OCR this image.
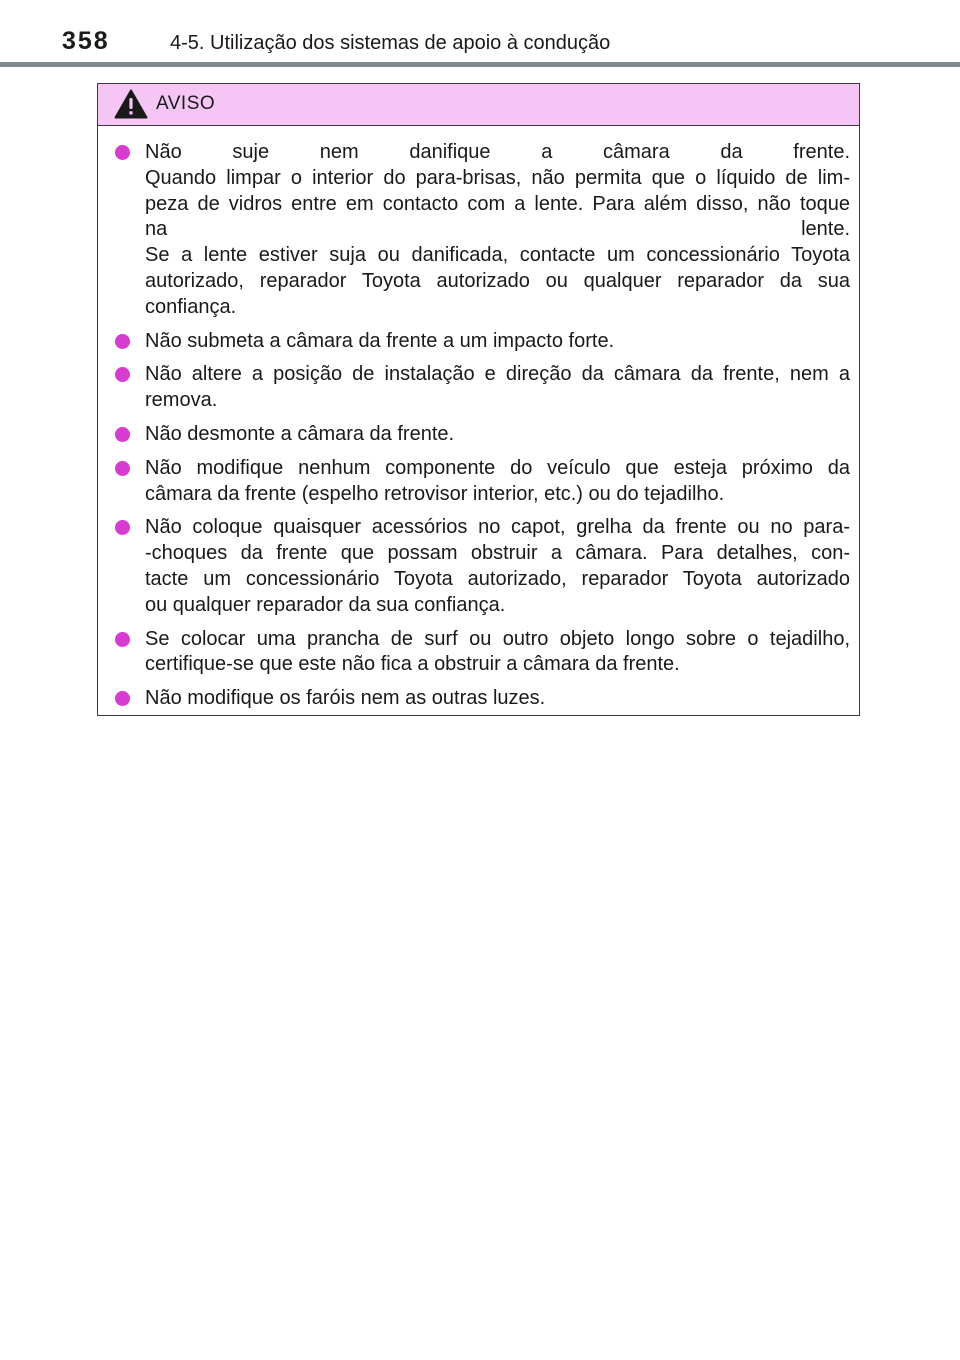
358	4-5. Utilização dos sistemas de apoio à condução
AVISO
Não suje nem danifique a câmara da frente.
Quando limpar o interior do para-brisas, não permita que o líquido de lim-
peza de vidros entre em contacto com a lente. Para além disso, não toque
na lente.
Se a lente estiver suja ou danificada, contacte um concessionário Toyota
autorizado, reparador Toyota autorizado ou qualquer reparador da sua
confiança.
Não submeta a câmara da frente a um impacto forte.
Não altere a posição de instalação e direção da câmara da frente, nem a
remova.
Não desmonte a câmara da frente.
Não modifique nenhum componente do veículo que esteja próximo da
câmara da frente (espelho retrovisor interior, etc.) ou do tejadilho.
Não coloque quaisquer acessórios no capot, grelha da frente ou no para-
-choques da frente que possam obstruir a câmara. Para detalhes, con-
tacte um concessionário Toyota autorizado, reparador Toyota autorizado
ou qualquer reparador da sua confiança.
Se colocar uma prancha de surf ou outro objeto longo sobre o tejadilho,
certifique-se que este não fica a obstruir a câmara da frente.
Não modifique os faróis nem as outras luzes.
